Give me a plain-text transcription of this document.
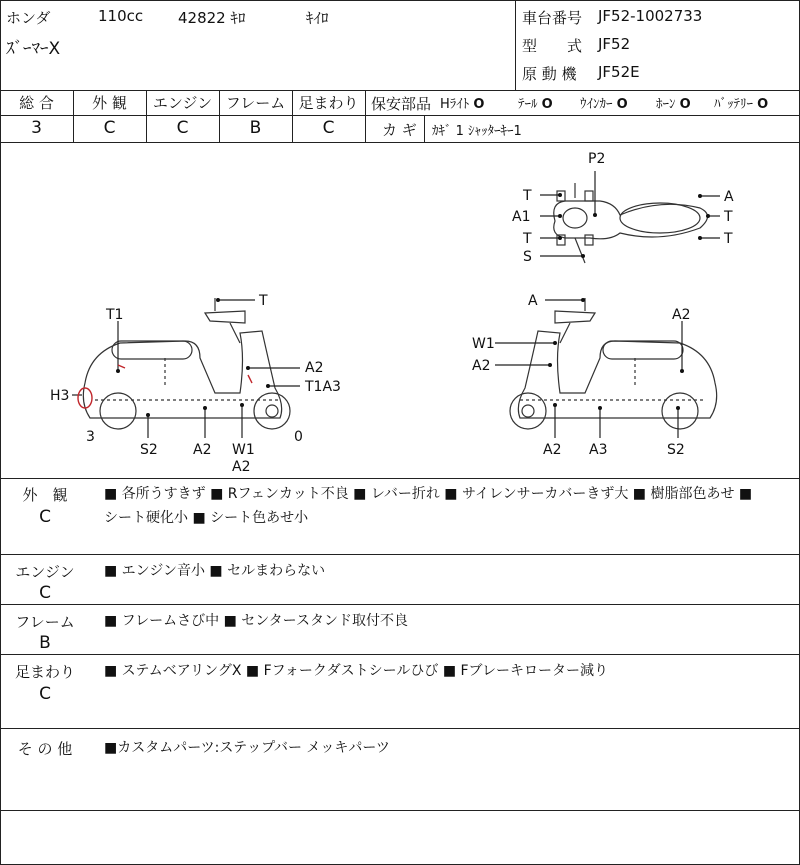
ホンダ	110cc 42822 ｷﾛ	ｷｲﾛ
ｽﾞｰﾏｰX
車台番号 JF52-1002733
型　　式 JF52
原 動 機 JF52E
総 合	外 観	エンジン フレーム 足まわり
3	C	C	B	C
保安部品 Hﾗｲﾄ O	ﾃｰﾙ O ｳｲﾝｶｰ O ﾎｰﾝ O ﾊﾞｯﾃﾘｰ O
カ ギ ｶｷﾞ 1 ｼｬｯﾀｰｷｰ1
P2
T
A1
T
S
A
T
T
T1
T
A2
T1A3
H3
S2	A2 W1
A2
3	0
A
A2
W1
A2
A2 A3	S2
外　観
C
■ 各所うすきず ■ Rフェンカット不良 ■ レバー折れ ■ サイレンサーカバーきず大 ■ 樹脂部色あせ ■
シート硬化小 ■ シート色あせ小
エンジン
C
■ エンジン音小 ■ セルまわらない
フレーム
B
■ フレームさび中 ■ センタースタンド取付不良
足まわり
C
■ ステムベアリングX ■ Fフォークダストシールひび ■ Fブレーキローター減り
そ の 他	■カスタムパーツ:ステップバー メッキパーツ
